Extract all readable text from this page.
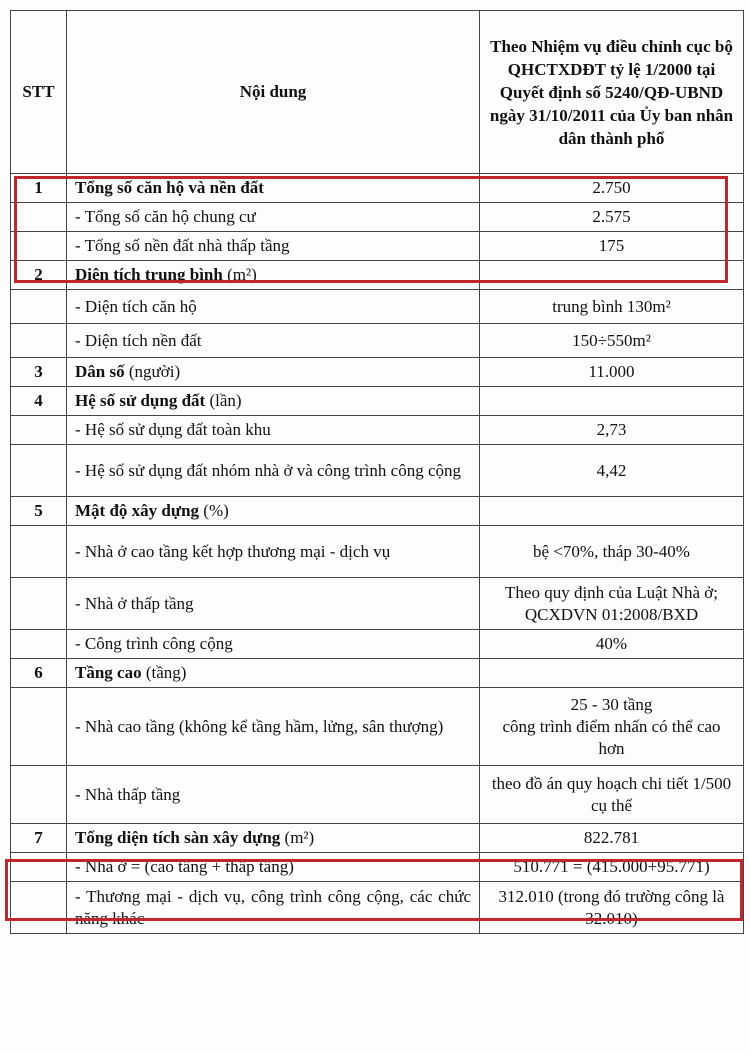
STT	Nội dung	Theo Nhiệm vụ điều chỉnh cục bộ QHCTXDĐT tỷ lệ 1/2000 tại Quyết định số 5240/QĐ-UBND ngày 31/10/2011 của Ủy ban nhân dân thành phố
1	Tổng số căn hộ và nền đất	2.750
	- Tổng số căn hộ chung cư	2.575
	- Tổng số nền đất nhà thấp tầng	175
2	Diện tích trung bình (m²)	
	- Diện tích căn hộ	trung bình 130m²
	- Diện tích nền đất	150÷550m²
3	Dân số (người)	11.000
4	Hệ số sử dụng đất (lần)	
	- Hệ số sử dụng đất toàn khu	2,73
	- Hệ số sử dụng đất nhóm nhà ở và công trình công cộng	4,42
5	Mật độ xây dựng (%)	
	- Nhà ở cao tầng kết hợp thương mại - dịch vụ	bệ <70%, tháp 30-40%
	- Nhà ở thấp tầng	Theo quy định của Luật Nhà ở; QCXDVN 01:2008/BXD
	- Công trình công cộng	40%
6	Tầng cao (tầng)	
	- Nhà cao tầng (không kể tầng hầm, lửng, sân thượng)	25 - 30 tầng
công trình điểm nhấn có thể cao hơn
	- Nhà thấp tầng	theo đồ án quy hoạch chi tiết 1/500 cụ thể
7	Tổng diện tích sàn xây dựng (m²)	822.781
	- Nhà ở = (cao tầng + thấp tầng)	510.771 = (415.000+95.771)
	- Thương mại - dịch vụ, công trình công cộng, các chức năng khác	312.010 (trong đó trường công là 32.010)
